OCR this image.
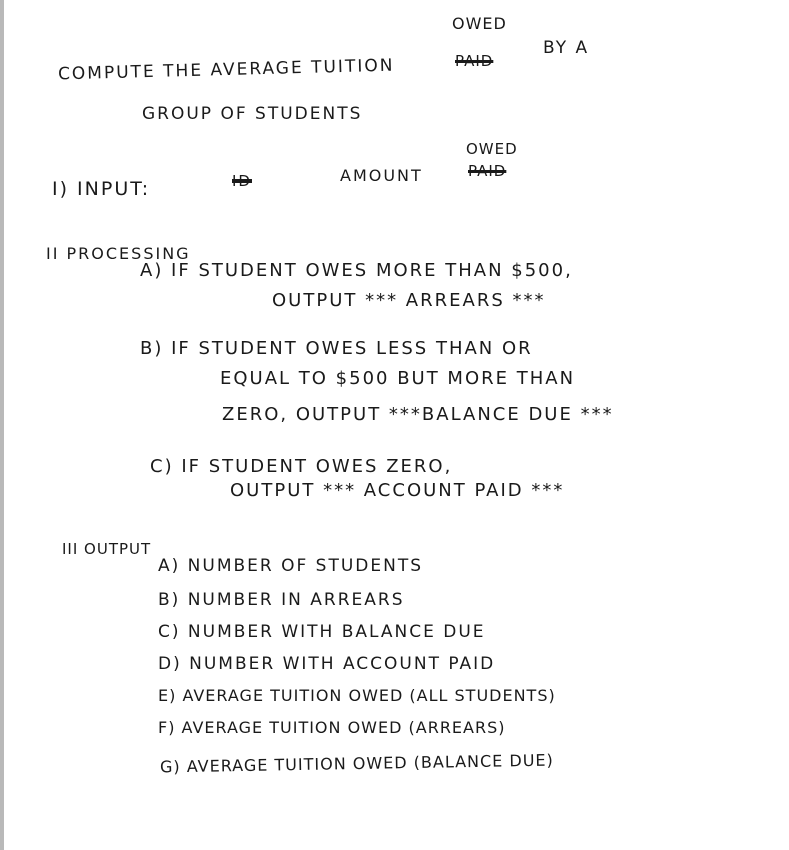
OWED
COMPUTE THE AVERAGE TUITION	PAID
BY A
GROUP OF STUDENTS
OWED
I) INPUT:	ID	AMOUNT	PAID
II PROCESSING
A) IF STUDENT OWES MORE THAN $500,
OUTPUT *** ARREARS ***
B) IF STUDENT OWES LESS THAN OR
EQUAL TO $500 BUT MORE THAN
ZERO, OUTPUT ***BALANCE DUE ***
C) IF STUDENT OWES ZERO,
OUTPUT *** ACCOUNT PAID ***
III OUTPUT
A) NUMBER OF STUDENTS
B) NUMBER IN ARREARS
C) NUMBER WITH BALANCE DUE
D) NUMBER WITH ACCOUNT PAID
E) AVERAGE TUITION OWED (ALL STUDENTS)
F) AVERAGE TUITION OWED (ARREARS)
G) AVERAGE TUITION OWED (BALANCE DUE)
